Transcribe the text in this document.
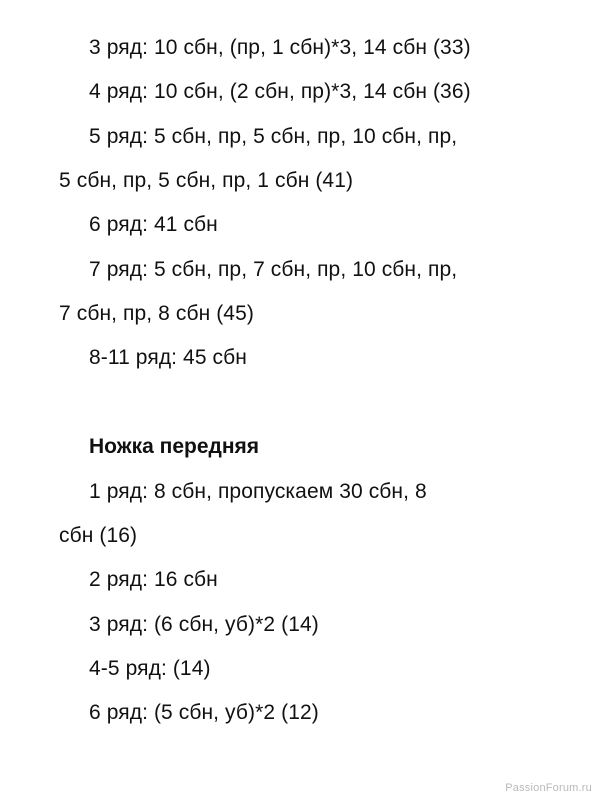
3 ряд: 10 сбн, (пр, 1 сбн)*3, 14 сбн (33)
4 ряд: 10 сбн, (2 сбн, пр)*3, 14 сбн (36)
5 ряд: 5 сбн, пр, 5 сбн, пр, 10 сбн, пр,
5 сбн, пр, 5 сбн, пр, 1 сбн (41)
6 ряд: 41 сбн
7 ряд: 5 сбн, пр, 7 сбн, пр, 10 сбн, пр,
7 сбн, пр, 8 сбн (45)
8-11 ряд: 45 сбн
Ножка передняя
1 ряд: 8 сбн, пропускаем 30 сбн, 8
сбн (16)
2 ряд: 16 сбн
3 ряд: (6 сбн, уб)*2 (14)
4-5 ряд: (14)
6 ряд: (5 сбн, уб)*2 (12)
PassionForum.ru
